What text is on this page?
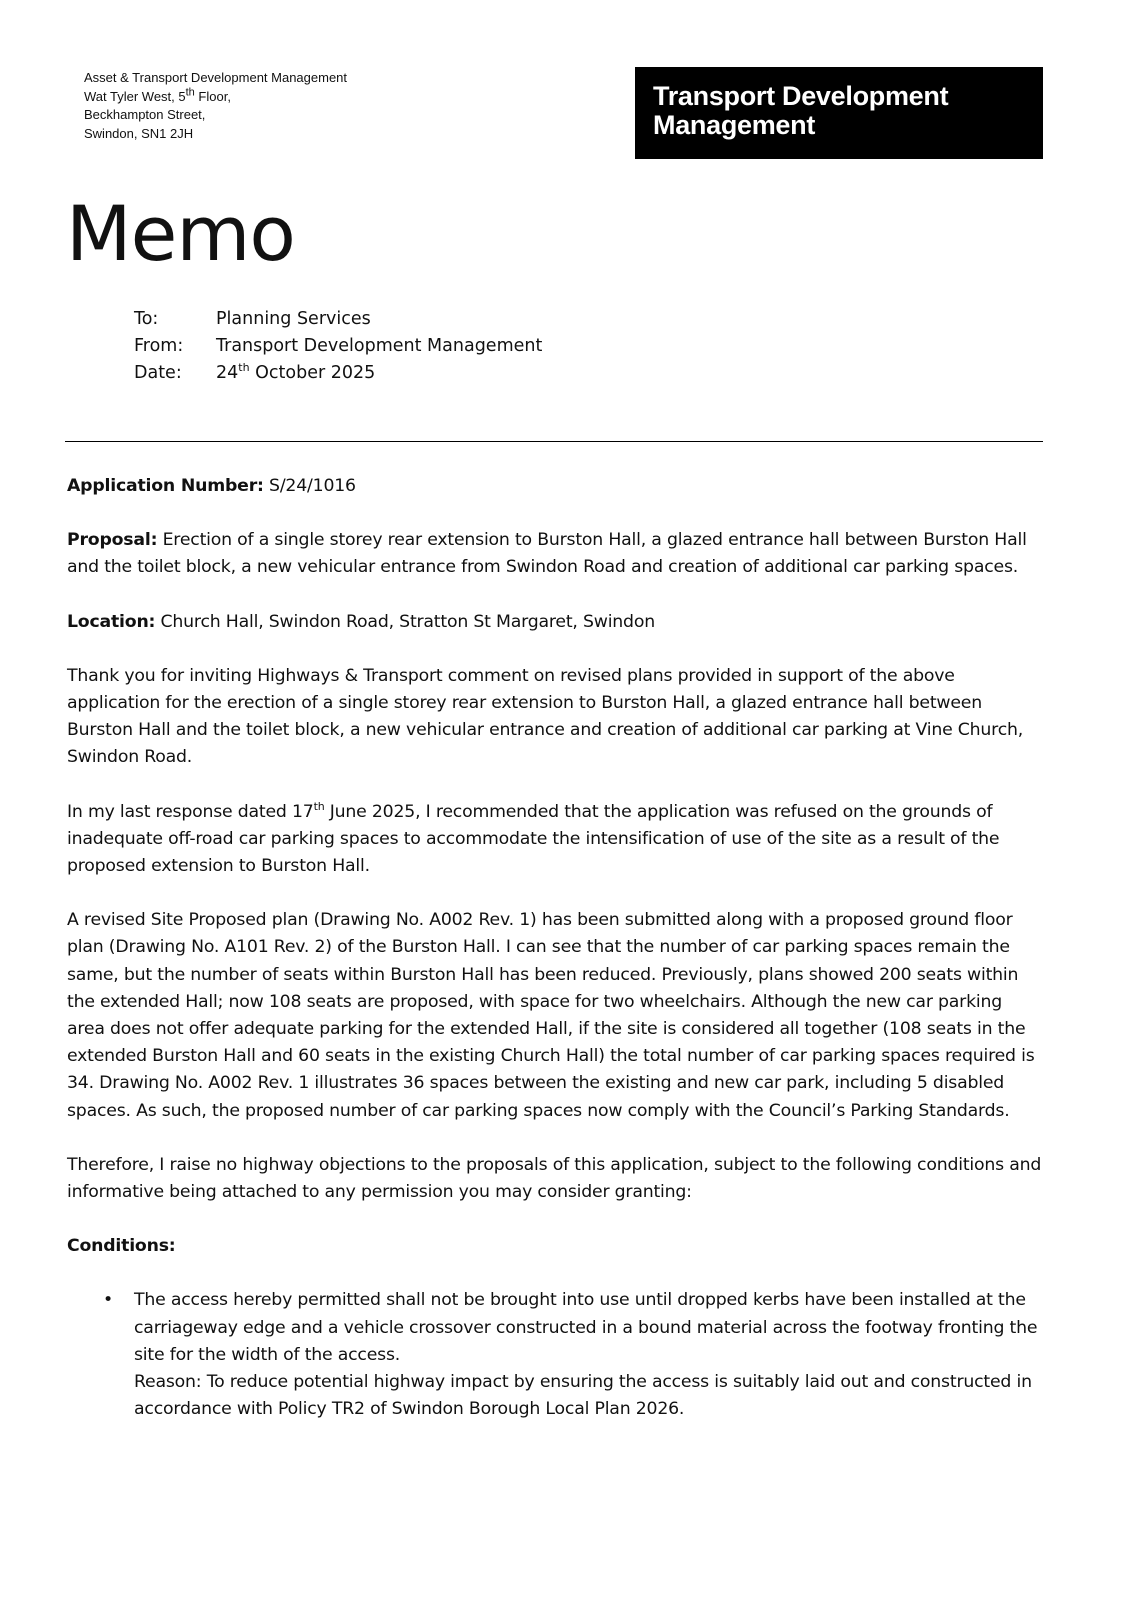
Asset & Transport Development Management
Wat Tyler West, 5th Floor,
Beckhampton Street,
Swindon, SN1 2JH
Transport Development
Management
Memo
To:	Planning Services
From:	Transport Development Management
Date:	24th October 2025

Application Number: S/24/1016

Proposal: Erection of a single storey rear extension to Burston Hall, a glazed entrance hall between Burston Hall and the toilet block, a new vehicular entrance from Swindon Road and creation of additional car parking spaces.

Location: Church Hall, Swindon Road, Stratton St Margaret, Swindon

Thank you for inviting Highways & Transport comment on revised plans provided in support of the above application for the erection of a single storey rear extension to Burston Hall, a glazed entrance hall between Burston Hall and the toilet block, a new vehicular entrance and creation of additional car parking at Vine Church, Swindon Road.

In my last response dated 17th June 2025, I recommended that the application was refused on the grounds of inadequate off-road car parking spaces to accommodate the intensification of use of the site as a result of the proposed extension to Burston Hall.

A revised Site Proposed plan (Drawing No. A002 Rev. 1) has been submitted along with a proposed ground floor plan (Drawing No. A101 Rev. 2) of the Burston Hall. I can see that the number of car parking spaces remain the same, but the number of seats within Burston Hall has been reduced. Previously, plans showed 200 seats within the extended Hall; now 108 seats are proposed, with space for two wheelchairs. Although the new car parking area does not offer adequate parking for the extended Hall, if the site is considered all together (108 seats in the extended Burston Hall and 60 seats in the existing Church Hall) the total number of car parking spaces required is 34. Drawing No. A002 Rev. 1 illustrates 36 spaces between the existing and new car park, including 5 disabled spaces. As such, the proposed number of car parking spaces now comply with the Council’s Parking Standards.

Therefore, I raise no highway objections to the proposals of this application, subject to the following conditions and informative being attached to any permission you may consider granting:

Conditions:

•	The access hereby permitted shall not be brought into use until dropped kerbs have been installed at the carriageway edge and a vehicle crossover constructed in a bound material across the footway fronting the site for the width of the access.
Reason: To reduce potential highway impact by ensuring the access is suitably laid out and constructed in accordance with Policy TR2 of Swindon Borough Local Plan 2026.
